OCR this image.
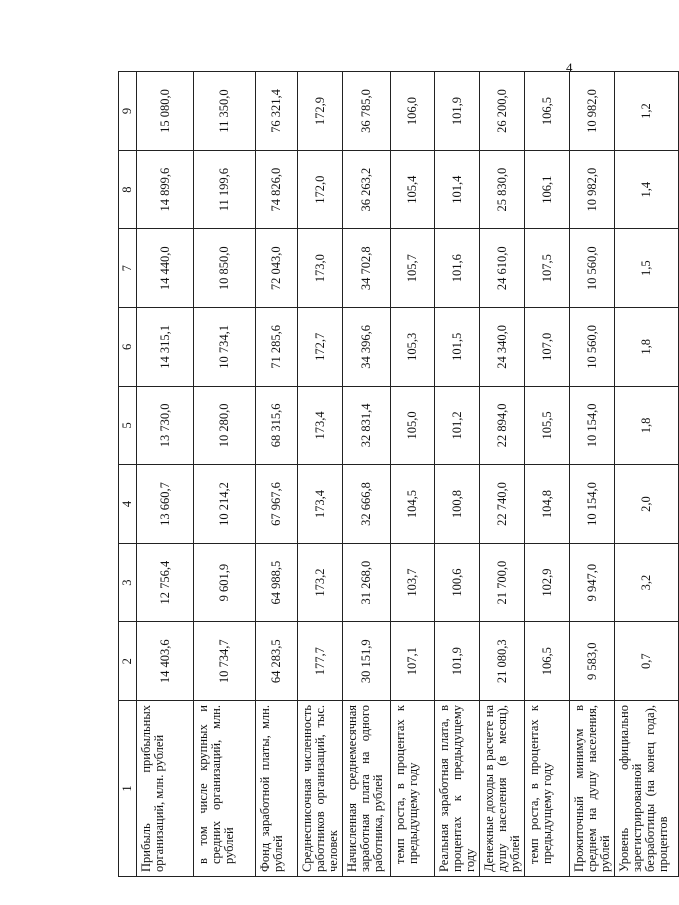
4
1	2	3	4	5	6	7	8	9
Прибыль прибыльных организаций, млн. рублей	14 403,6	12 756,4	13 660,7	13 730,0	14 315,1	14 440,0	14 899,6	15 080,0
в том числе крупных и средних организаций, млн. рублей	10 734,7	9 601,9	10 214,2	10 280,0	10 734,1	10 850,0	11 199,6	11 350,0
Фонд заработной платы, млн. рублей	64 283,5	64 988,5	67 967,6	68 315,6	71 285,6	72 043,0	74 826,0	76 321,4
Среднесписочная численность работников организаций, тыс. человек	177,7	173,2	173,4	173,4	172,7	173,0	172,0	172,9
Начисленная среднемесячная заработная плата на одного работника, рублей	30 151,9	31 268,0	32 666,8	32 831,4	34 396,6	34 702,8	36 263,2	36 785,0
темп роста, в процентах к предыдущему году	107,1	103,7	104,5	105,0	105,3	105,7	105,4	106,0
Реальная заработная плата, в процентах к предыдущему году	101,9	100,6	100,8	101,2	101,5	101,6	101,4	101,9
Денежные доходы в расчете на душу населения (в месяц), рублей	21 080,3	21 700,0	22 740,0	22 894,0	24 340,0	24 610,0	25 830,0	26 200,0
темп роста, в процентах к предыдущему году	106,5	102,9	104,8	105,5	107,0	107,5	106,1	106,5
Прожиточный минимум в среднем на душу населения, рублей	9 583,0	9 947,0	10 154,0	10 154,0	10 560,0	10 560,0	10 982,0	10 982,0
Уровень официально зарегистрированной безработицы (на конец года), процентов	0,7	3,2	2,0	1,8	1,8	1,5	1,4	1,2
